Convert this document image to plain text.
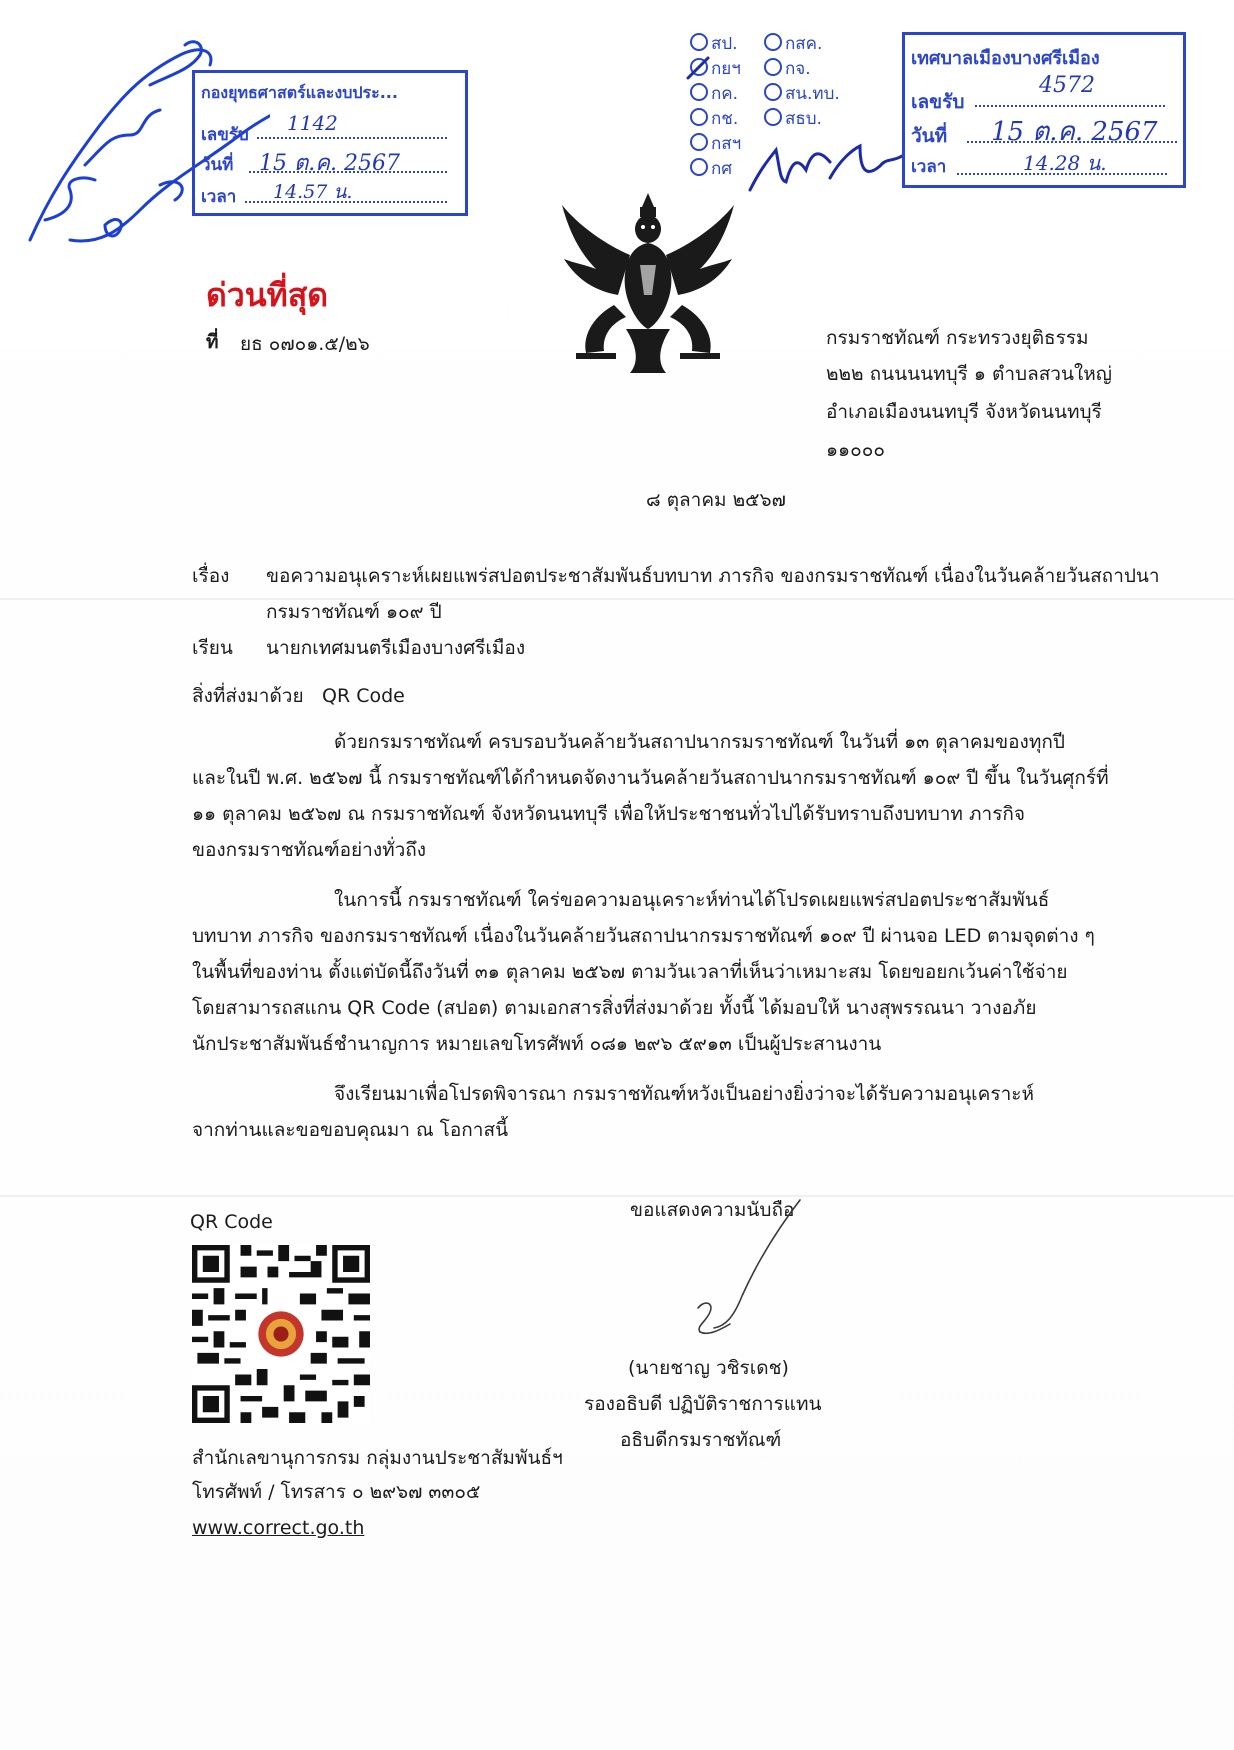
กองยุทธศาสตร์และงบประ...
เลขรับ 1142
วันที่ 15 ต.ค. 2567
เวลา 14.57 น.
สป.
กยฯ
กค.
กช.
กสฯ
กศ
กสค.
กจ.
สน.ทบ.
สธบ.
เทศบาลเมืองบางศรีเมือง
เลขรับ
4572
วันที่ 15 ต.ค. 2567
เวลา	14.28 น.
ด่วนที่สุด
ที่ ยธ ๐๗๐๑.๕/๒๖	กรมราชทัณฑ์ กระทรวงยุติธรรม
๒๒๒ ถนนนนทบุรี ๑ ตำบลสวนใหญ่
อำเภอเมืองนนทบุรี จังหวัดนนทบุรี
๑๑๐๐๐
๘ ตุลาคม ๒๕๖๗
เรื่อง ขอความอนุเคราะห์เผยแพร่สปอตประชาสัมพันธ์บทบาท ภารกิจ ของกรมราชทัณฑ์ เนื่องในวันคล้ายวันสถาปนา
กรมราชทัณฑ์ ๑๐๙ ปี
เรียน นายกเทศมนตรีเมืองบางศรีเมือง
สิ่งที่ส่งมาด้วย QR Code
ด้วยกรมราชทัณฑ์ ครบรอบวันคล้ายวันสถาปนากรมราชทัณฑ์ ในวันที่ ๑๓ ตุลาคมของทุกปี
และในปี พ.ศ. ๒๕๖๗ นี้ กรมราชทัณฑ์ได้กำหนดจัดงานวันคล้ายวันสถาปนากรมราชทัณฑ์ ๑๐๙ ปี ขึ้น ในวันศุกร์ที่
๑๑ ตุลาคม ๒๕๖๗ ณ กรมราชทัณฑ์ จังหวัดนนทบุรี เพื่อให้ประชาชนทั่วไปได้รับทราบถึงบทบาท ภารกิจ
ของกรมราชทัณฑ์อย่างทั่วถึง
ในการนี้ กรมราชทัณฑ์ ใคร่ขอความอนุเคราะห์ท่านได้โปรดเผยแพร่สปอตประชาสัมพันธ์
บทบาท ภารกิจ ของกรมราชทัณฑ์ เนื่องในวันคล้ายวันสถาปนากรมราชทัณฑ์ ๑๐๙ ปี ผ่านจอ LED ตามจุดต่าง ๆ
ในพื้นที่ของท่าน ตั้งแต่บัดนี้ถึงวันที่ ๓๑ ตุลาคม ๒๕๖๗ ตามวันเวลาที่เห็นว่าเหมาะสม โดยขอยกเว้นค่าใช้จ่าย
โดยสามารถสแกน QR Code (สปอต) ตามเอกสารสิ่งที่ส่งมาด้วย ทั้งนี้ ได้มอบให้ นางสุพรรณนา วางอภัย
นักประชาสัมพันธ์ชำนาญการ หมายเลขโทรศัพท์ ๐๘๑ ๒๙๖ ๕๙๑๓ เป็นผู้ประสานงาน
จึงเรียนมาเพื่อโปรดพิจารณา กรมราชทัณฑ์หวังเป็นอย่างยิ่งว่าจะได้รับความอนุเคราะห์
จากท่านและขอขอบคุณมา ณ โอกาสนี้
ขอแสดงความนับถือ
(นายชาญ วชิรเดช)
รองอธิบดี ปฏิบัติราชการแทน
อธิบดีกรมราชทัณฑ์
QR Code
สำนักเลขานุการกรม กลุ่มงานประชาสัมพันธ์ฯ
โทรศัพท์ / โทรสาร ๐ ๒๙๖๗ ๓๓๐๕
www.correct.go.th
